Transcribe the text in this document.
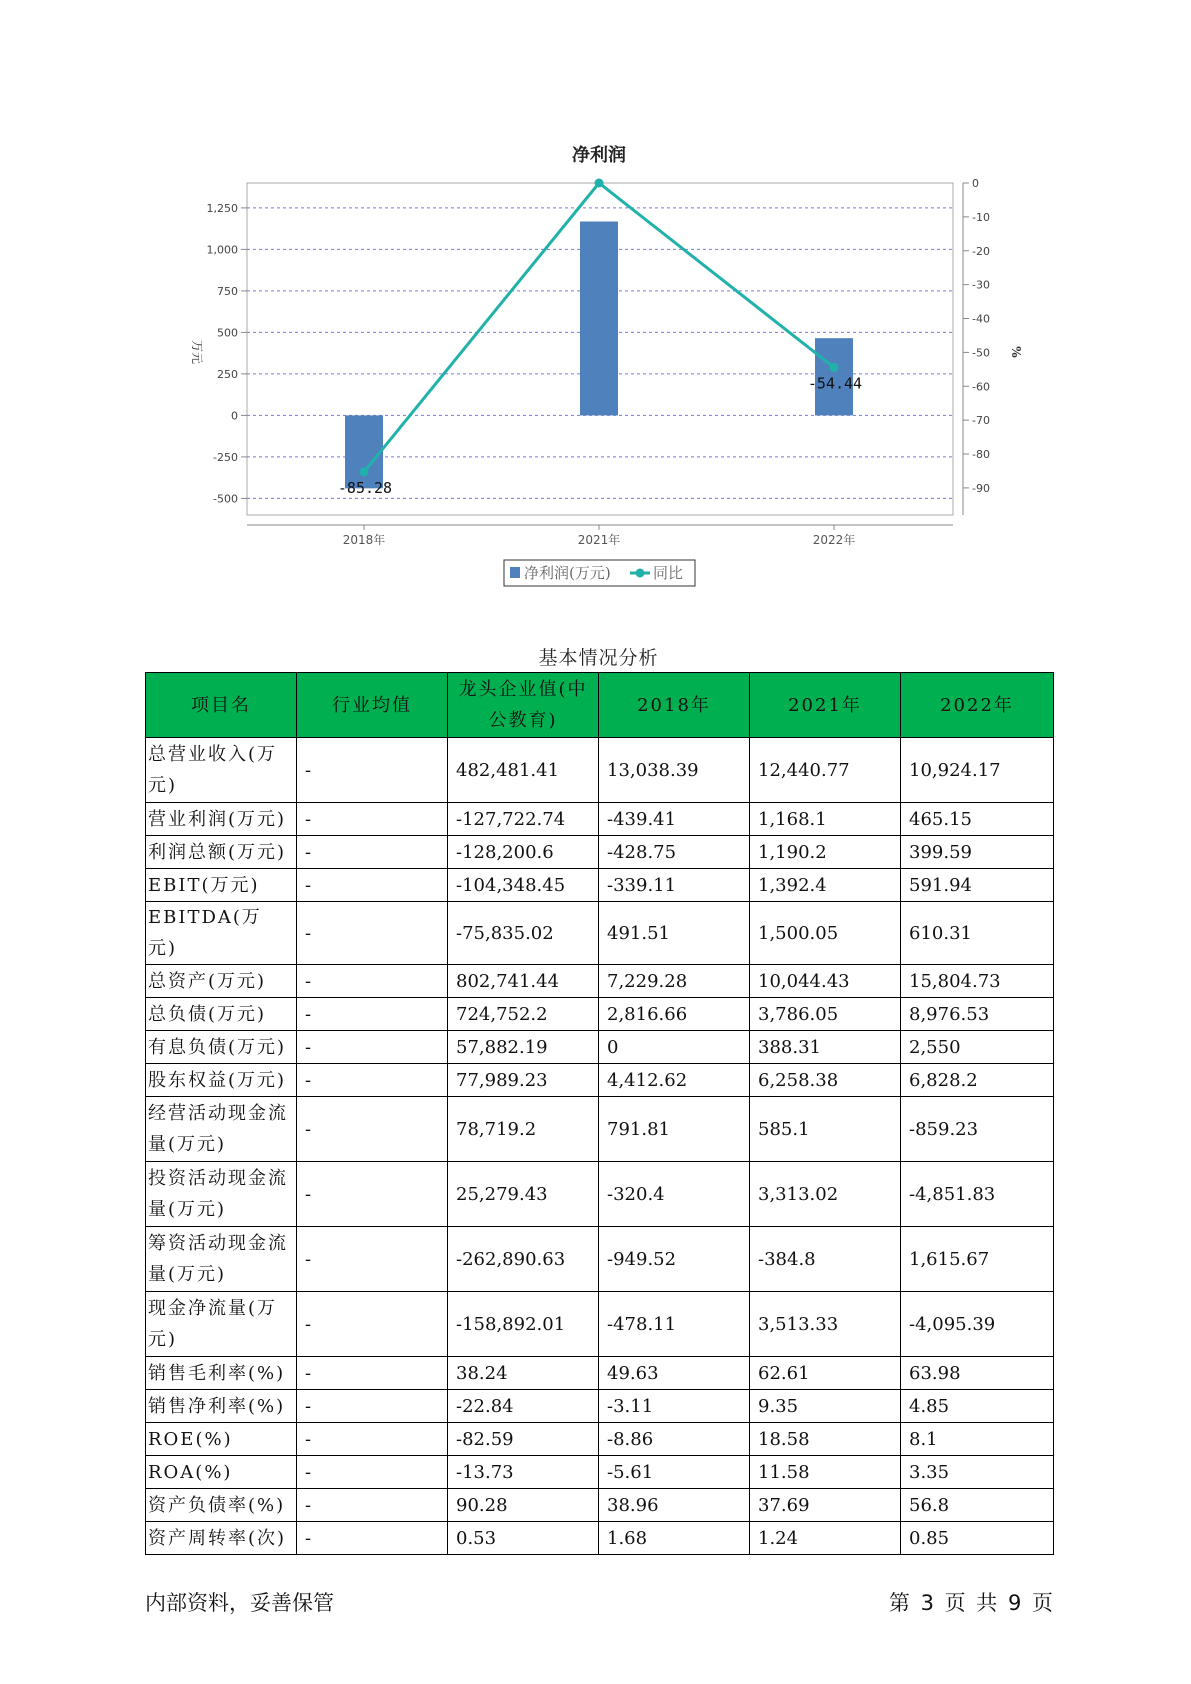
净利润
-500
-250
0
250
500
750
1,000
1,250
0
-10
-20
-30
-40
-50
-60
-70
-80
-90
万元	%
2018年	2021年	2022年
-85.28
-54.44
净利润(万元)	同比
基本情况分析
项目名	行业均值	龙头企业值(中公教育)	2018年	2021年	2022年
总营业收入(万元)	-	482,481.41	13,038.39	12,440.77	10,924.17
营业利润(万元)	-	-127,722.74	-439.41	1,168.1	465.15
利润总额(万元)	-	-128,200.6	-428.75	1,190.2	399.59
EBIT(万元)	-	-104,348.45	-339.11	1,392.4	591.94
EBITDA(万元)	-	-75,835.02	491.51	1,500.05	610.31
总资产(万元)	-	802,741.44	7,229.28	10,044.43	15,804.73
总负债(万元)	-	724,752.2	2,816.66	3,786.05	8,976.53
有息负债(万元)	-	57,882.19	0	388.31	2,550
股东权益(万元)	-	77,989.23	4,412.62	6,258.38	6,828.2
经营活动现金流量(万元)	-	78,719.2	791.81	585.1	-859.23
投资活动现金流量(万元)	-	25,279.43	-320.4	3,313.02	-4,851.83
筹资活动现金流量(万元)	-	-262,890.63	-949.52	-384.8	1,615.67
现金净流量(万元)	-	-158,892.01	-478.11	3,513.33	-4,095.39
销售毛利率(%)	-	38.24	49.63	62.61	63.98
销售净利率(%)	-	-22.84	-3.11	9.35	4.85
ROE(%)	-	-82.59	-8.86	18.58	8.1
ROA(%)	-	-13.73	-5.61	11.58	3.35
资产负债率(%)	-	90.28	38.96	37.69	56.8
资产周转率(次)	-	0.53	1.68	1.24	0.85
内部资料，妥善保管	第 3 页 共 9 页
